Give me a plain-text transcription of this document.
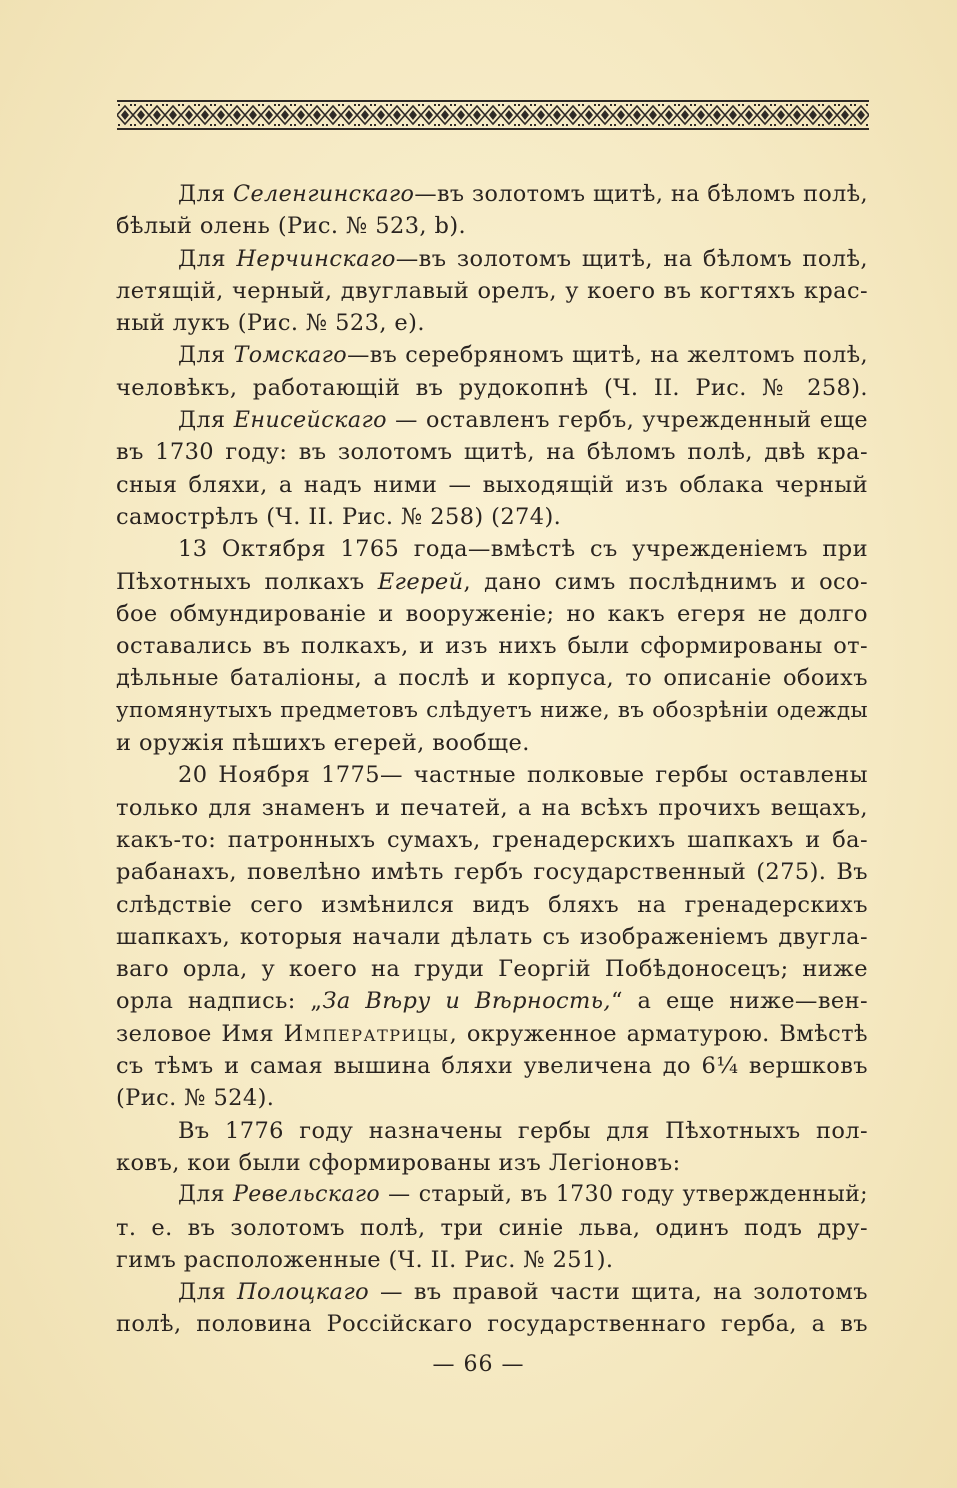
Для Селенгинскаго—въ золотомъ щитѣ, на бѣломъ полѣ,
бѣлый олень (Рис. № 523, b).
Для Нерчинскаго—въ золотомъ щитѣ, на бѣломъ полѣ,
летящій, черный, двуглавый орелъ, у коего въ когтяхъ крас-
ный лукъ (Рис. № 523, e).
Для Томскаго—въ серебряномъ щитѣ, на желтомъ полѣ,
человѣкъ, работающій въ рудокопнѣ (Ч. II. Рис. № 258).
Для Енисейскаго — оставленъ гербъ, учрежденный еще
въ 1730 году: въ золотомъ щитѣ, на бѣломъ полѣ, двѣ кра-
сныя бляхи, а надъ ними — выходящій изъ облака черный
самострѣлъ (Ч. II. Рис. № 258) (274).
13 Октября 1765 года—вмѣстѣ съ учрежденіемъ при
Пѣхотныхъ полкахъ Егерей, дано симъ послѣднимъ и осо-
бое обмундированіе и вооруженіе; но какъ егеря не долго
оставались въ полкахъ, и изъ нихъ были сформированы от-
дѣльные баталіоны, а послѣ и корпуса, то описаніе обоихъ
упомянутыхъ предметовъ слѣдуетъ ниже, въ обозрѣніи одежды
и оружія пѣшихъ егерей, вообще.
20 Ноября 1775— частные полковые гербы оставлены
только для знаменъ и печатей, а на всѣхъ прочихъ вещахъ,
какъ-то: патронныхъ сумахъ, гренадерскихъ шапкахъ и ба-
рабанахъ, повелѣно имѣть гербъ государственный (275). Въ
слѣдствіе сего измѣнился видъ бляхъ на гренадерскихъ
шапкахъ, которыя начали дѣлать съ изображеніемъ двугла-
ваго орла, у коего на груди Георгій Побѣдоносецъ; ниже
орла надпись: „За Вѣру и Вѣрность,“ а еще ниже—вен-
зеловое Имя Императрицы, окруженное арматурою. Вмѣстѣ
съ тѣмъ и самая вышина бляхи увеличена до 6¼ вершковъ
(Рис. № 524).
Въ 1776 году назначены гербы для Пѣхотныхъ пол-
ковъ, кои были сформированы изъ Легіоновъ:
Для Ревельскаго — старый, въ 1730 году утвержденный;
т. е. въ золотомъ полѣ, три синіе льва, одинъ подъ дру-
гимъ расположенные (Ч. II. Рис. № 251).
Для Полоцкаго — въ правой части щита, на золотомъ
полѣ, половина Россійскаго государственнаго герба, а въ
— 66 —
